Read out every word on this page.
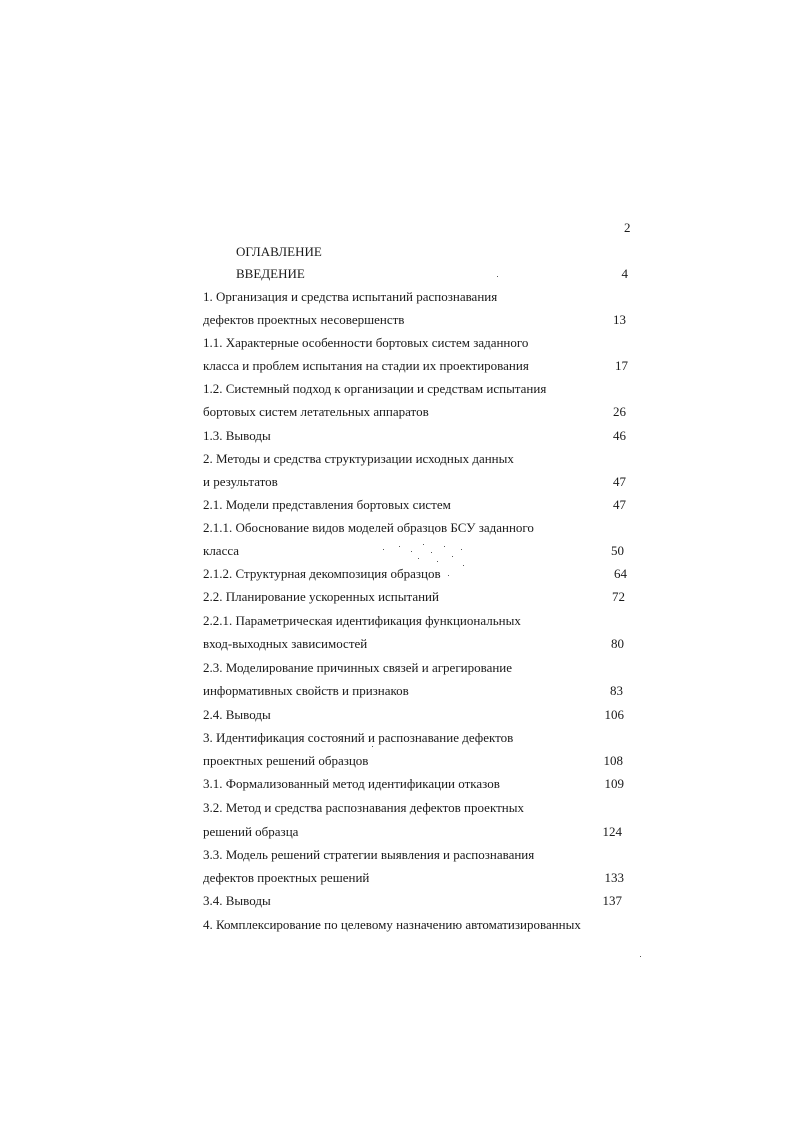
2
ОГЛАВЛЕНИЕ
ВВЕДЕНИЕ	4
1. Организация и средства испытаний распознавания
дефектов проектных несовершенств	13
1.1. Характерные особенности бортовых систем заданного
класса и проблем испытания на стадии их проектирования	17
1.2. Системный подход к организации и средствам испытания
бортовых систем летательных аппаратов	26
1.3. Выводы	46
2. Методы и средства структуризации исходных данных
и результатов	47
2.1. Модели представления бортовых систем	47
2.1.1. Обоснование видов моделей образцов БСУ заданного
класса	50
2.1.2. Структурная декомпозиция образцов	64
2.2. Планирование ускоренных испытаний	72
2.2.1. Параметрическая идентификация функциональных
вход-выходных зависимостей	80
2.3. Моделирование причинных связей и агрегирование
информативных свойств и признаков	83
2.4. Выводы	106
3. Идентификация состояний и распознавание дефектов
проектных решений образцов	108
3.1. Формализованный метод идентификации отказов	109
3.2. Метод и средства распознавания дефектов проектных
решений образца	124
3.3. Модель решений стратегии выявления и распознавания
дефектов проектных решений	133
3.4. Выводы	137
4. Комплексирование по целевому назначению автоматизированных
